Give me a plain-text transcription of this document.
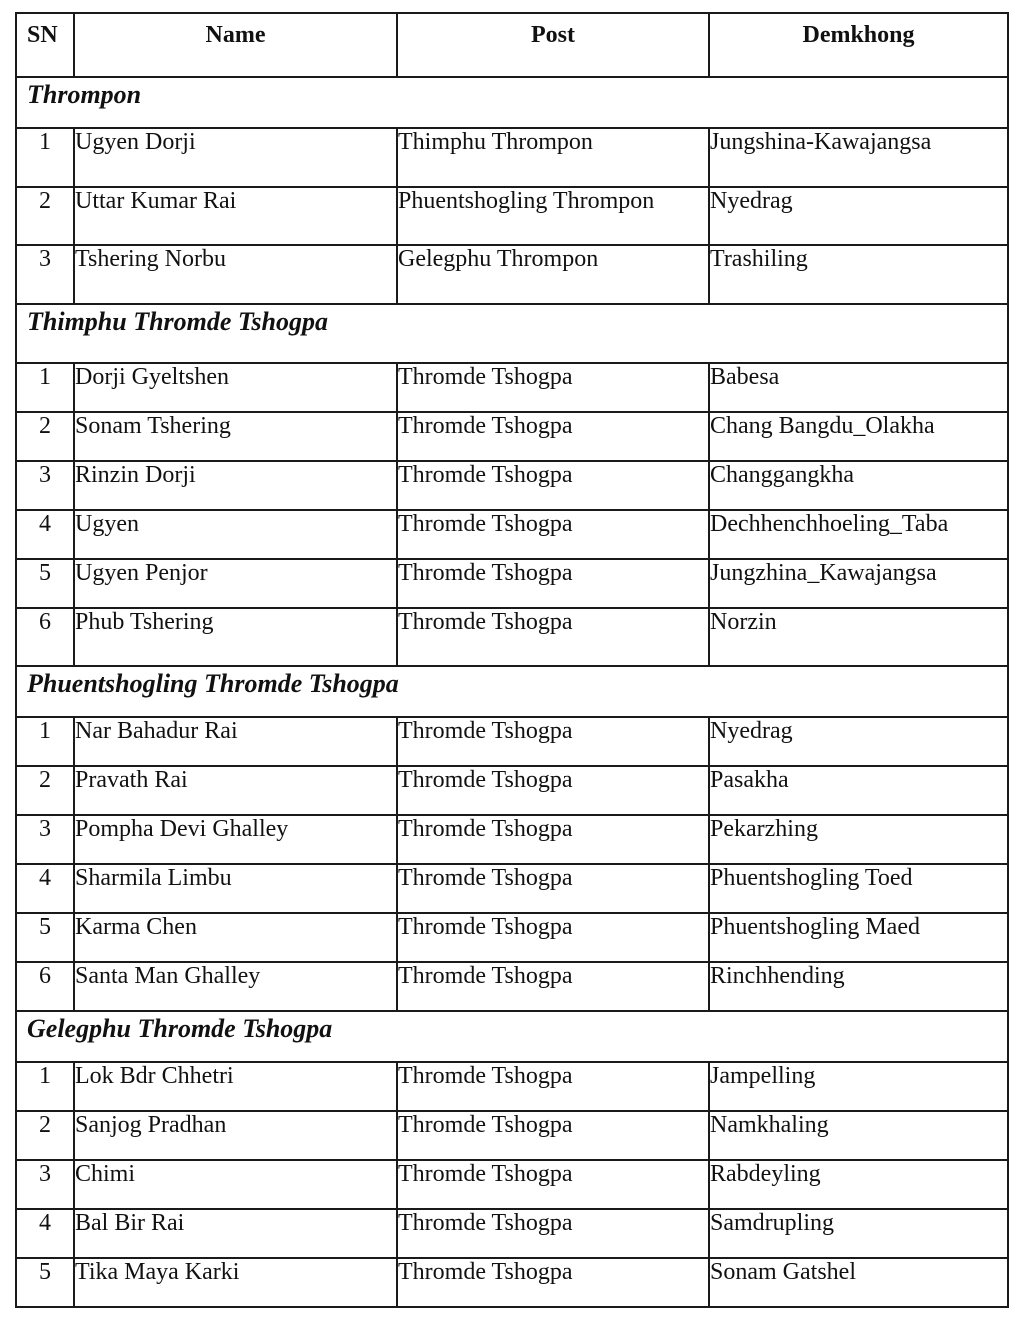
SN	Name	Post	Demkhong
Thrompon			
1	Ugyen Dorji	Thimphu Thrompon	Jungshina-Kawajangsa
2	Uttar Kumar Rai	Phuentshogling Thrompon	Nyedrag
3	Tshering Norbu	Gelegphu Thrompon	Trashiling
Thimphu Thromde Tshogpa			
1	Dorji Gyeltshen	Thromde Tshogpa	Babesa
2	Sonam Tshering	Thromde Tshogpa	Chang Bangdu_Olakha
3	Rinzin Dorji	Thromde Tshogpa	Changgangkha
4	Ugyen	Thromde Tshogpa	Dechhenchhoeling_Taba
5	Ugyen Penjor	Thromde Tshogpa	Jungzhina_Kawajangsa
6	Phub Tshering	Thromde Tshogpa	Norzin
Phuentshogling Thromde Tshogpa			
1	Nar Bahadur Rai	Thromde Tshogpa	Nyedrag
2	Pravath Rai	Thromde Tshogpa	Pasakha
3	Pompha Devi Ghalley	Thromde Tshogpa	Pekarzhing
4	Sharmila Limbu	Thromde Tshogpa	Phuentshogling Toed
5	Karma Chen	Thromde Tshogpa	Phuentshogling Maed
6	Santa Man Ghalley	Thromde Tshogpa	Rinchhending
Gelegphu Thromde Tshogpa			
1	Lok Bdr Chhetri	Thromde Tshogpa	Jampelling
2	Sanjog Pradhan	Thromde Tshogpa	Namkhaling
3	Chimi	Thromde Tshogpa	Rabdeyling
4	Bal Bir Rai	Thromde Tshogpa	Samdrupling
5	Tika Maya Karki	Thromde Tshogpa	Sonam Gatshel
